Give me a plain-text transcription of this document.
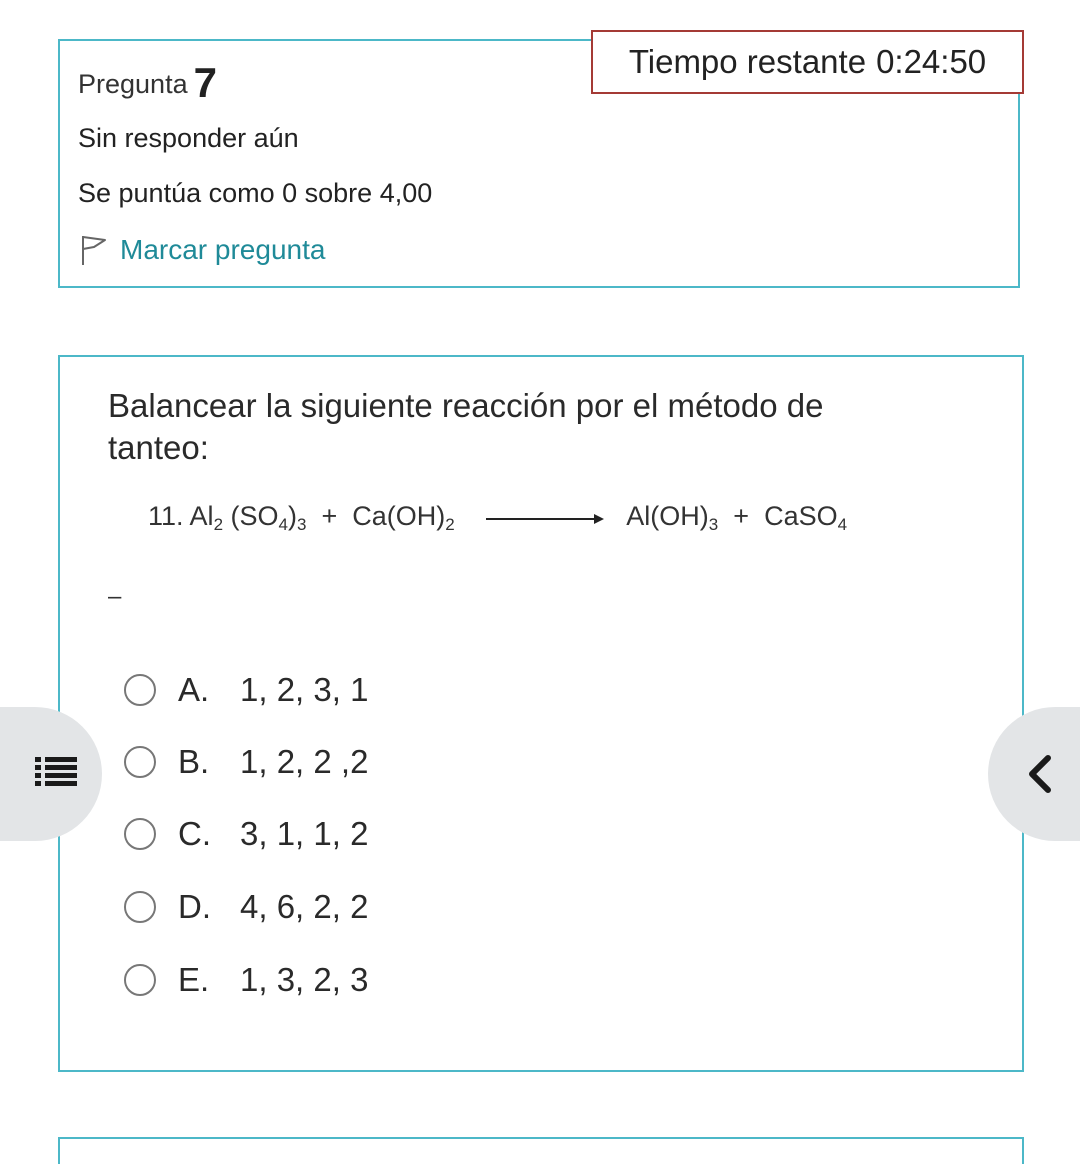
Pregunta 7
Sin responder aún
Se puntúa como 0 sobre 4,00
Marcar pregunta
Tiempo restante 0:24:50
Balancear la siguiente reacción por el método de tanteo:
11. $Al_2$ $(SO_4)_3 + Ca(OH)_2$	$Al(OH)_3$  +  CaSO$_4$
–
A. 1, 2, 3, 1
B. 1, 2, 2 ,2
C. 3, 1, 1, 2
D. 4, 6, 2, 2
E. 1, 3, 2, 3
